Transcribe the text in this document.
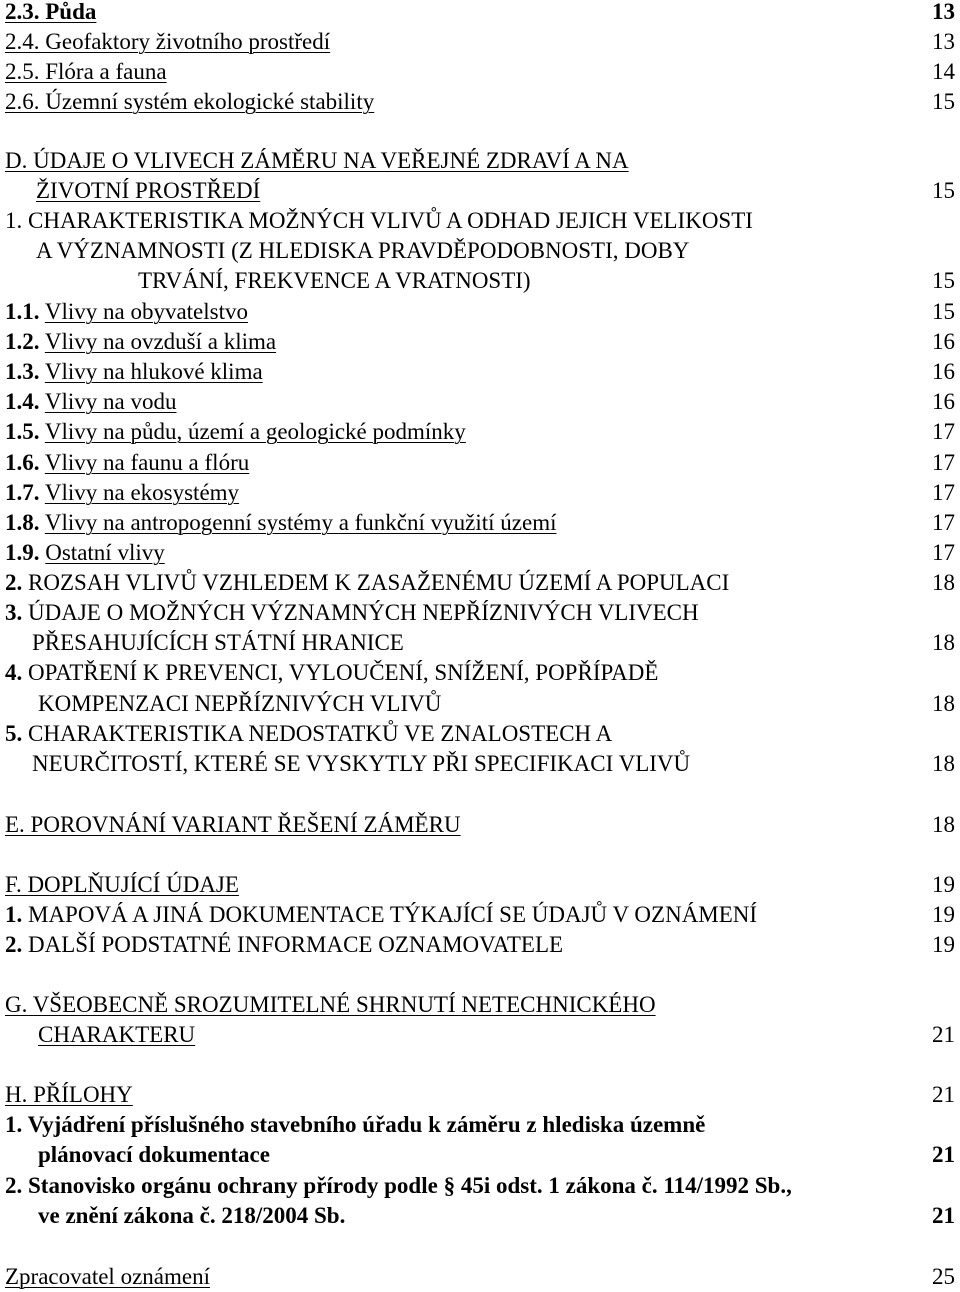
2.3. Půda	13
2.4. Geofaktory životního prostředí	13
2.5. Flóra a fauna	14
2.6. Územní systém ekologické stability	15
D. ÚDAJE O VLIVECH ZÁMĚRU NA VEŘEJNÉ ZDRAVÍ A NA
ŽIVOTNÍ PROSTŘEDÍ	15
1. CHARAKTERISTIKA MOŽNÝCH VLIVŮ A ODHAD JEJICH VELIKOSTI
A VÝZNAMNOSTI (Z HLEDISKA PRAVDĚPODOBNOSTI, DOBY
TRVÁNÍ, FREKVENCE A VRATNOSTI)	15
1.1. Vlivy na obyvatelstvo	15
1.2. Vlivy na ovzduší a klima	16
1.3. Vlivy na hlukové klima	16
1.4. Vlivy na vodu	16
1.5. Vlivy na půdu, území a geologické podmínky	17
1.6. Vlivy na faunu a flóru	17
1.7. Vlivy na ekosystémy	17
1.8. Vlivy na antropogenní systémy a funkční využití území	17
1.9. Ostatní vlivy	17
2. ROZSAH VLIVŮ VZHLEDEM K ZASAŽENÉMU ÚZEMÍ A POPULACI	18
3. ÚDAJE O MOŽNÝCH VÝZNAMNÝCH NEPŘÍZNIVÝCH VLIVECH
PŘESAHUJÍCÍCH STÁTNÍ HRANICE	18
4. OPATŘENÍ K PREVENCI, VYLOUČENÍ, SNÍŽENÍ, POPŘÍPADĚ
KOMPENZACI NEPŘÍZNIVÝCH VLIVŮ	18
5. CHARAKTERISTIKA NEDOSTATKŮ VE ZNALOSTECH A
NEURČITOSTÍ, KTERÉ SE VYSKYTLY PŘI SPECIFIKACI VLIVŮ	18
E. POROVNÁNÍ VARIANT ŘEŠENÍ ZÁMĚRU	18
F. DOPLŇUJÍCÍ ÚDAJE	19
1. MAPOVÁ A JINÁ DOKUMENTACE TÝKAJÍCÍ SE ÚDAJŮ V OZNÁMENÍ	19
2. DALŠÍ PODSTATNÉ INFORMACE OZNAMOVATELE	19
G. VŠEOBECNĚ SROZUMITELNÉ SHRNUTÍ NETECHNICKÉHO
CHARAKTERU	21
H. PŘÍLOHY	21
1. Vyjádření příslušného stavebního úřadu k záměru z hlediska územně
plánovací dokumentace	21
2. Stanovisko orgánu ochrany přírody podle § 45i odst. 1 zákona č. 114/1992 Sb.,
ve znění zákona č. 218/2004 Sb.	21
Zpracovatel oznámení	25
